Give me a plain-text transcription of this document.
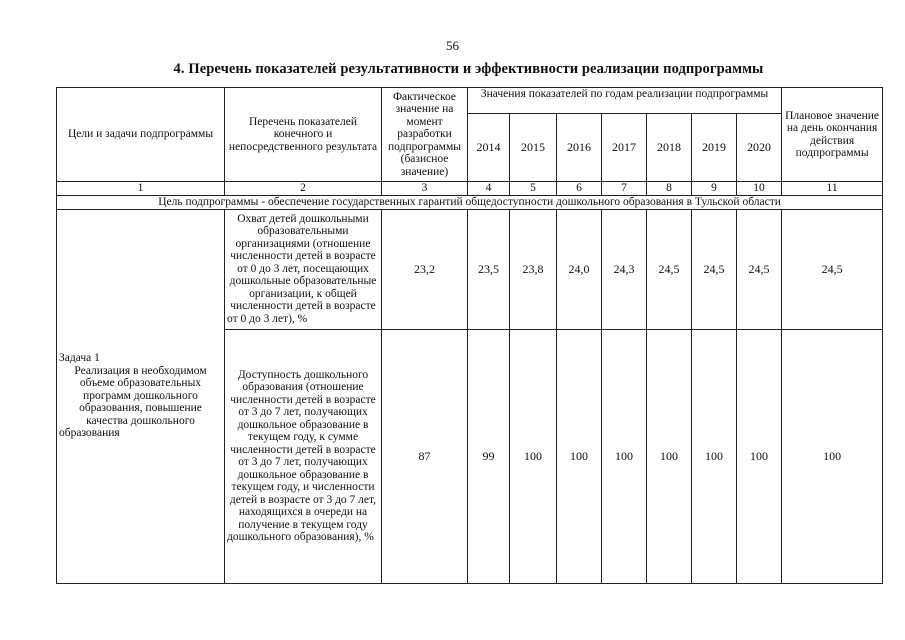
56
4. Перечень показателей результативности и эффективности реализации подпрограммы
Цели и задачи подпрограммы	Перечень показателей конечного и непосредственного результата	Фактическое значение на момент разработки подпрограммы (базисное значение)	Значения показателей по годам реализации подпрограммы							Плановое значение на день окончания действия подпрограммы
			2014	2015	2016	2017	2018	2019	2020	
1	2	3	4	5	6	7	8	9	10	11
Цель подпрограммы - обеспечение государственных гарантий общедоступности дошкольного образования в Тульской области										

Задача 1
Реализация в необходимом объеме образовательных программ дошкольного образования, повышение качества дошкольного образования	Охват детей дошкольными образовательными организациями (отношение численности детей в возрасте от 0 до 3 лет, посещающих дошкольные образовательные организации, к общей численности детей в возрасте от 0 до 3 лет), %	23,2	23,5	23,8	24,0	24,3	24,5	24,5	24,5	24,5
	Доступность дошкольного образования (отношение численности детей в возрасте от 3 до 7 лет, получающих дошкольное образование в текущем году, к сумме численности детей в возрасте от 3 до 7 лет, получающих дошкольное образование в текущем году, и численности детей в возрасте от 3 до 7 лет, находящихся в очереди на получение в текущем году дошкольного образования), %	87	99	100	100	100	100	100	100	100
